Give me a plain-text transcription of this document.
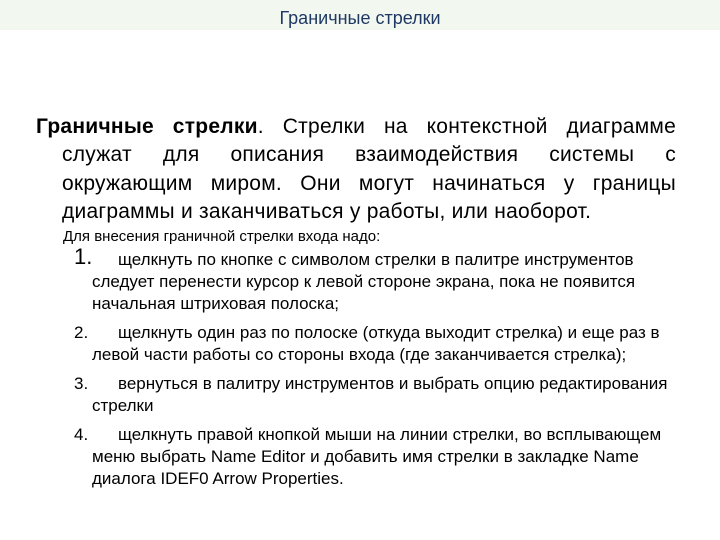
Граничные стрелки

Граничные стрелки. Стрелки на контекстной диаграмме служат для описания взаимодействия системы с окружающим миром. Они могут начинаться у границы диаграммы и заканчиваться у работы, или наоборот.

Для внесения граничной стрелки входа надо:

1. щелкнуть по кнопке с символом стрелки в палитре инструментов следует перенести курсор к левой стороне экрана, пока не появится начальная штриховая полоска;
2. щелкнуть один раз по полоске (откуда выходит стрелка) и еще раз в левой части работы со стороны входа (где заканчивается стрелка);
3. вернуться в палитру инструментов и выбрать опцию редактирования стрелки
4. щелкнуть правой кнопкой мыши на линии стрелки, во всплывающем меню выбрать Name Editor и добавить имя стрелки в закладке Name диалога IDEF0 Arrow Properties.
